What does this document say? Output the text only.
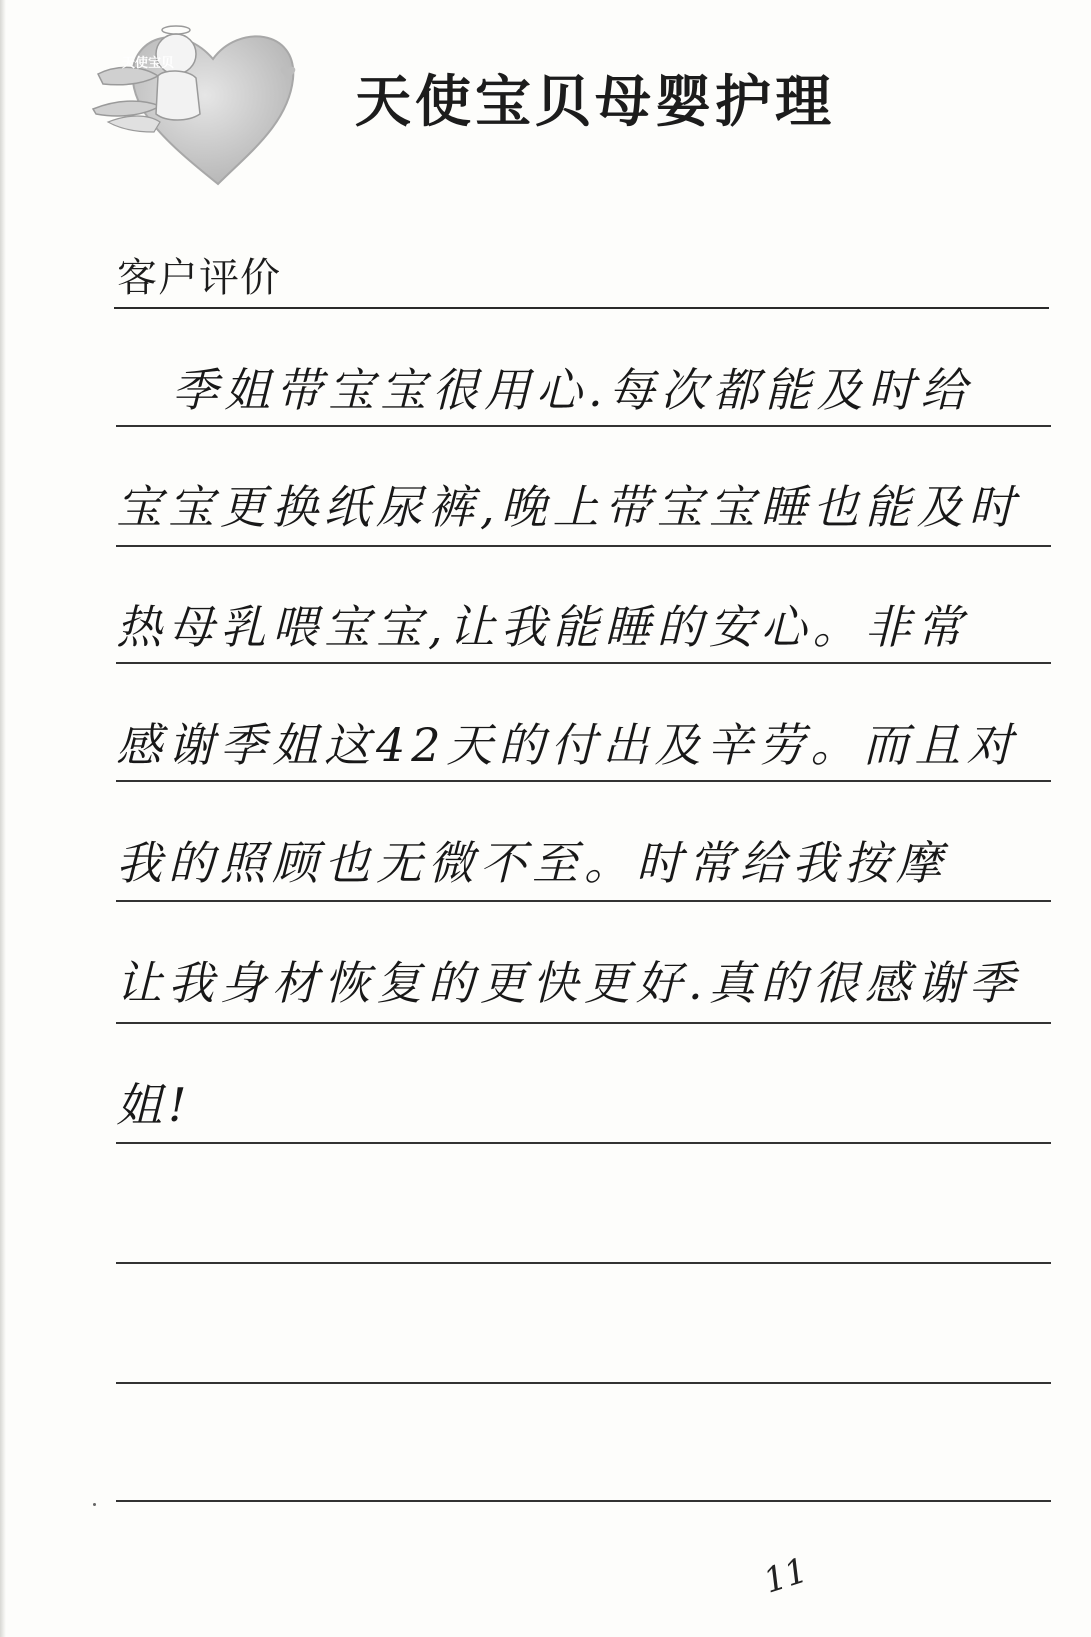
天使宝贝
天使宝贝母婴护理
客户评价
季姐带宝宝很用心.每次都能及时给
宝宝更换纸尿裤,晚上带宝宝睡也能及时
热母乳喂宝宝,让我能睡的安心。非常
感谢季姐这42天的付出及辛劳。而且对
我的照顾也无微不至。时常给我按摩
让我身材恢复的更快更好.真的很感谢季
姐!
11
